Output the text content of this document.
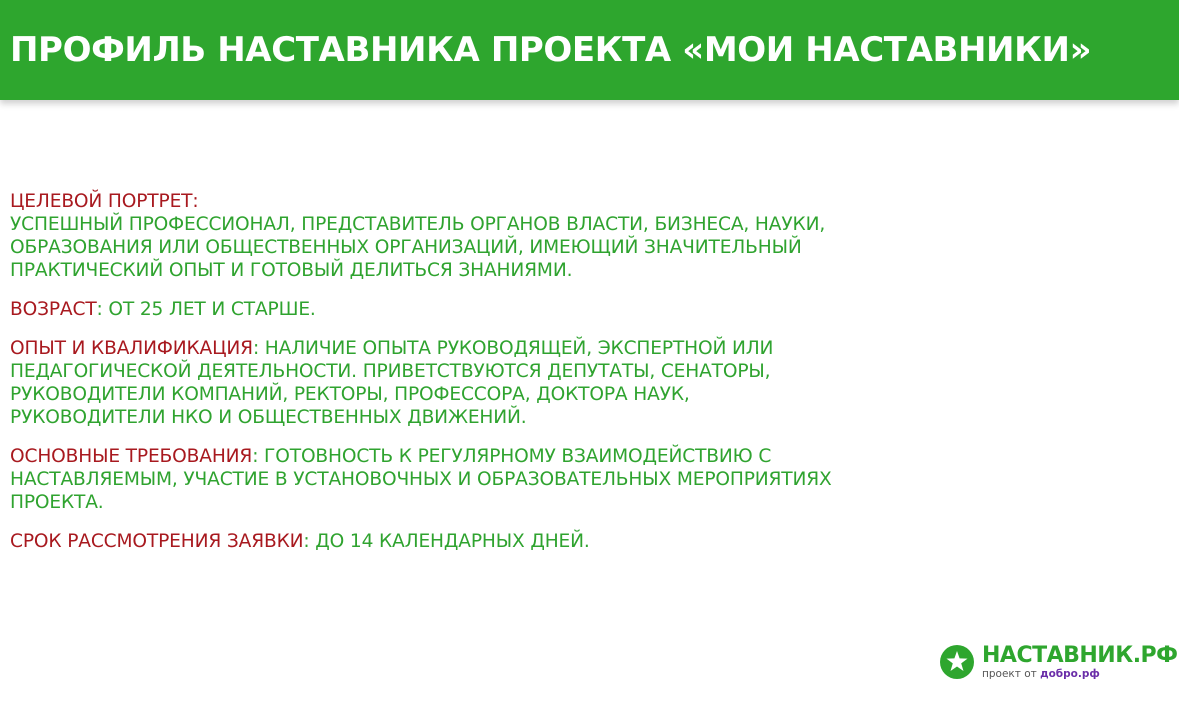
ПРОФИЛЬ НАСТАВНИКА ПРОЕКТА «МОИ НАСТАВНИКИ»
ЦЕЛЕВОЙ ПОРТРЕТ:
УСПЕШНЫЙ ПРОФЕССИОНАЛ, ПРЕДСТАВИТЕЛЬ ОРГАНОВ ВЛАСТИ, БИЗНЕСА, НАУКИ,
ОБРАЗОВАНИЯ ИЛИ ОБЩЕСТВЕННЫХ ОРГАНИЗАЦИЙ, ИМЕЮЩИЙ ЗНАЧИТЕЛЬНЫЙ
ПРАКТИЧЕСКИЙ ОПЫТ И ГОТОВЫЙ ДЕЛИТЬСЯ ЗНАНИЯМИ.
ВОЗРАСТ: ОТ 25 ЛЕТ И СТАРШЕ.
ОПЫТ И КВАЛИФИКАЦИЯ: НАЛИЧИЕ ОПЫТА РУКОВОДЯЩЕЙ, ЭКСПЕРТНОЙ ИЛИ
ПЕДАГОГИЧЕСКОЙ ДЕЯТЕЛЬНОСТИ. ПРИВЕТСТВУЮТСЯ ДЕПУТАТЫ, СЕНАТОРЫ,
РУКОВОДИТЕЛИ КОМПАНИЙ, РЕКТОРЫ, ПРОФЕССОРА, ДОКТОРА НАУК,
РУКОВОДИТЕЛИ НКО И ОБЩЕСТВЕННЫХ ДВИЖЕНИЙ.
ОСНОВНЫЕ ТРЕБОВАНИЯ: ГОТОВНОСТЬ К РЕГУЛЯРНОМУ ВЗАИМОДЕЙСТВИЮ С
НАСТАВЛЯЕМЫМ, УЧАСТИЕ В УСТАНОВОЧНЫХ И ОБРАЗОВАТЕЛЬНЫХ МЕРОПРИЯТИЯХ
ПРОЕКТА.
СРОК РАССМОТРЕНИЯ ЗАЯВКИ: ДО 14 КАЛЕНДАРНЫХ ДНЕЙ.
НАСТАВНИК.РФ
проект от добро.рф
